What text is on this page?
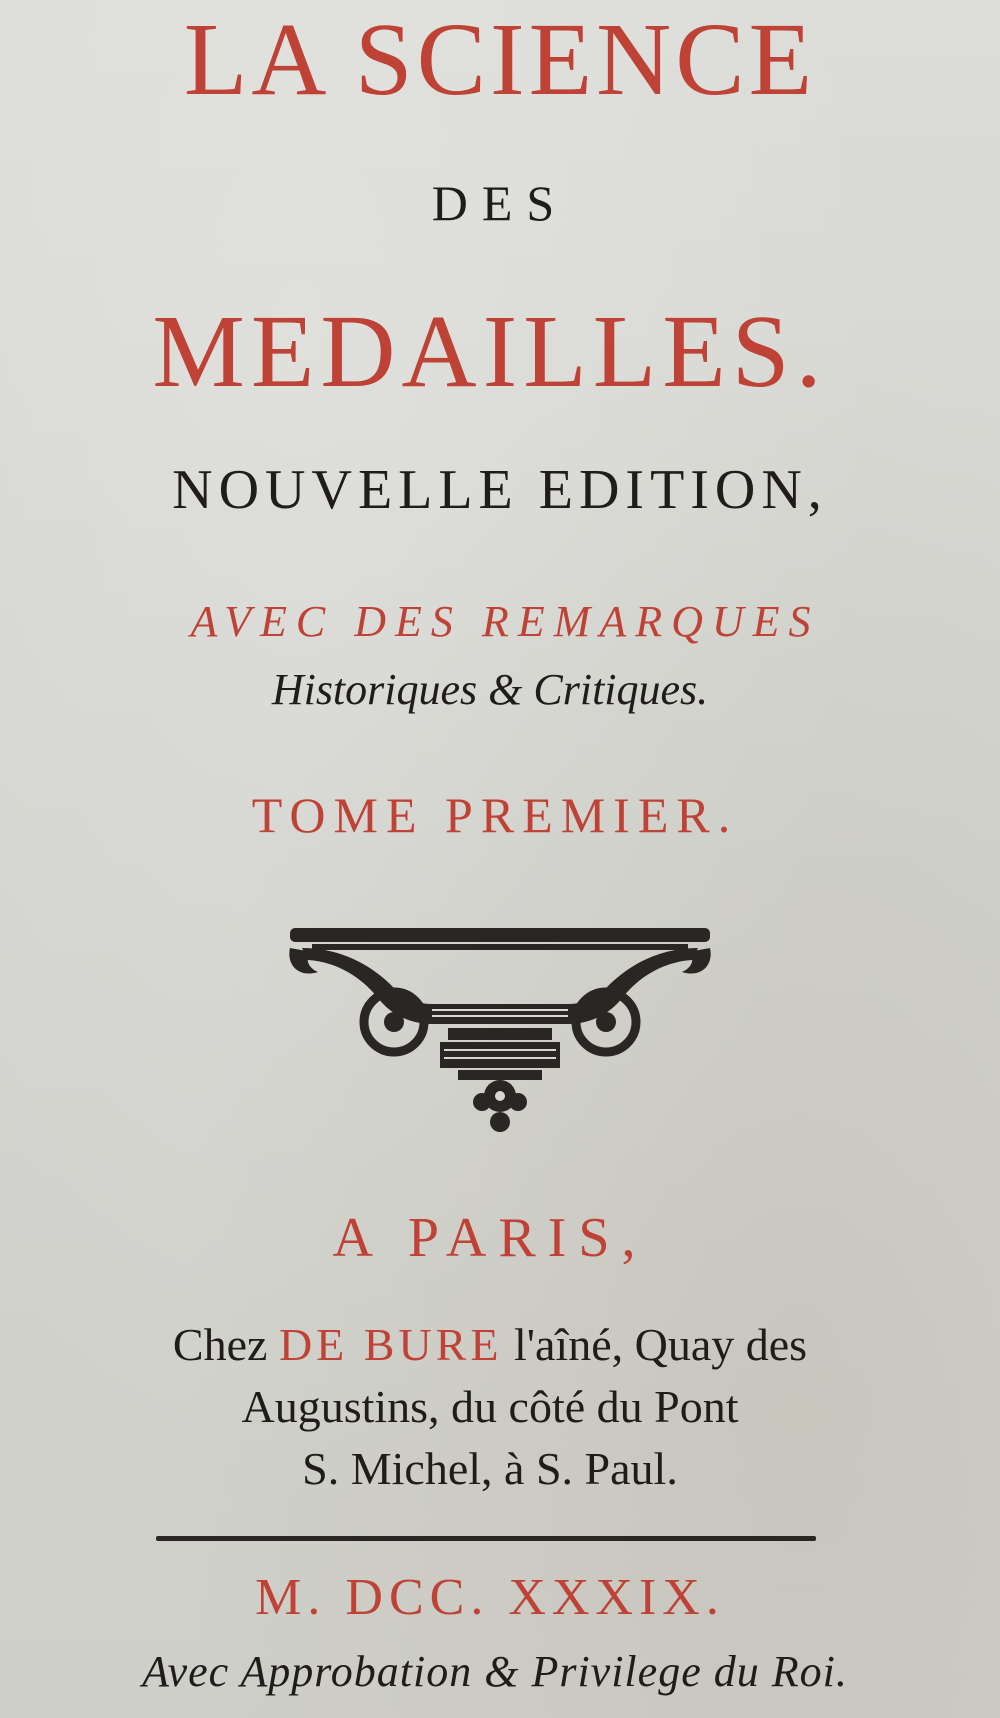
LA SCIENCE
DES
MEDAILLES.
NOUVELLE EDITION,
AVEC DES REMARQUES
Historiques & Critiques.
TOME PREMIER.
A PARIS,
Chez DE BURE l'aîné, Quay des
Augustins, du côté du Pont
S. Michel, à S. Paul.
M. DCC. XXXIX.
Avec Approbation & Privilege du Roi.
